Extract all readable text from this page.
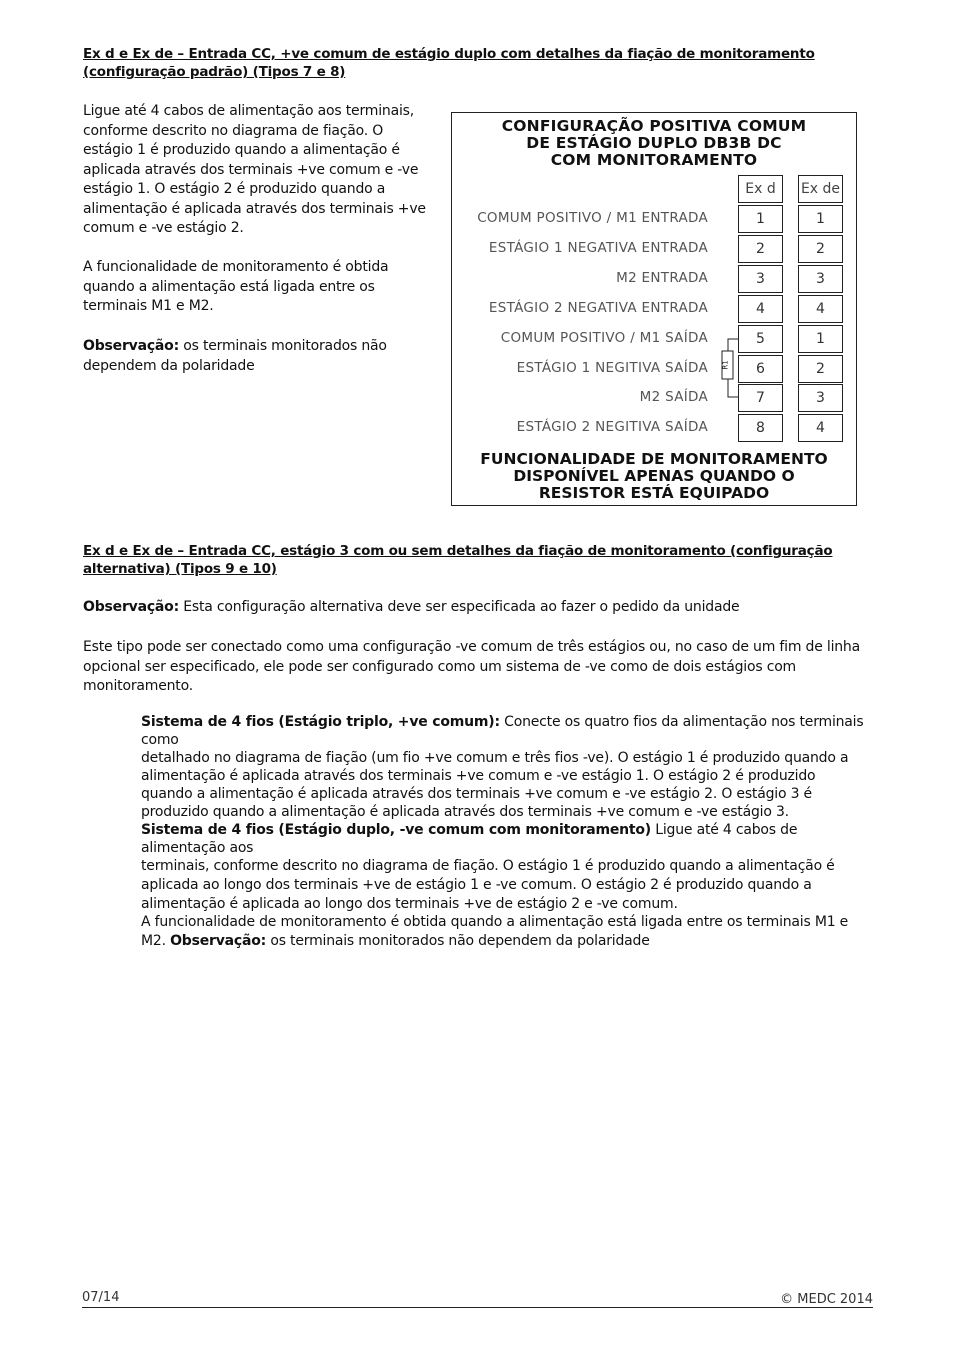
Ex d e Ex de – Entrada CC, +ve comum de estágio duplo com detalhes da fiação de monitoramento
(configuração padrão) (Tipos 7 e 8)
Ligue até 4 cabos de alimentação aos terminais,
conforme descrito no diagrama de fiação. O
estágio 1 é produzido quando a alimentação é
aplicada através dos terminais +ve comum e -ve
estágio 1. O estágio 2 é produzido quando a
alimentação é aplicada através dos terminais +ve
comum e -ve estágio 2.
A funcionalidade de monitoramento é obtida
quando a alimentação está ligada entre os
terminais M1 e M2.
Observação: os terminais monitorados não
dependem da polaridade
CONFIGURAÇÃO POSITIVA COMUM
DE ESTÁGIO DUPLO DB3B DC
COM MONITORAMENTO
Ex d	Ex de
COMUM POSITIVO / M1 ENTRADA	1	1
ESTÁGIO 1 NEGATIVA ENTRADA	2	2
M2 ENTRADA	3	3
ESTÁGIO 2 NEGATIVA ENTRADA	4	4
COMUM POSITIVO / M1 SAÍDA	5	1
ESTÁGIO 1 NEGITIVA SAÍDA	6	2
M2 SAÍDA	7	3
ESTÁGIO 2 NEGITIVA SAÍDA	8	4
R1
FUNCIONALIDADE DE MONITORAMENTO
DISPONÍVEL APENAS QUANDO O
RESISTOR ESTÁ EQUIPADO
Ex d e Ex de – Entrada CC, estágio 3 com ou sem detalhes da fiação de monitoramento (configuração
alternativa) (Tipos 9 e 10)
Observação: Esta configuração alternativa deve ser especificada ao fazer o pedido da unidade
Este tipo pode ser conectado como uma configuração -ve comum de três estágios ou, no caso de um fim de linha
opcional ser especificado, ele pode ser configurado como um sistema de -ve como de dois estágios com
monitoramento.
Sistema de 4 fios (Estágio triplo, +ve comum): Conecte os quatro fios da alimentação nos terminais como
detalhado no diagrama de fiação (um fio +ve comum e três fios -ve). O estágio 1 é produzido quando a
alimentação é aplicada através dos terminais +ve comum e -ve estágio 1. O estágio 2 é produzido
quando a alimentação é aplicada através dos terminais +ve comum e -ve estágio 2. O estágio 3 é
produzido quando a alimentação é aplicada através dos terminais +ve comum e -ve estágio 3.
Sistema de 4 fios (Estágio duplo, -ve comum com monitoramento) Ligue até 4 cabos de alimentação aos
terminais, conforme descrito no diagrama de fiação. O estágio 1 é produzido quando a alimentação é
aplicada ao longo dos terminais +ve de estágio 1 e -ve comum. O estágio 2 é produzido quando a
alimentação é aplicada ao longo dos terminais +ve de estágio 2 e -ve comum.
A funcionalidade de monitoramento é obtida quando a alimentação está ligada entre os terminais M1 e
M2. Observação: os terminais monitorados não dependem da polaridade
07/14	© MEDC 2014
